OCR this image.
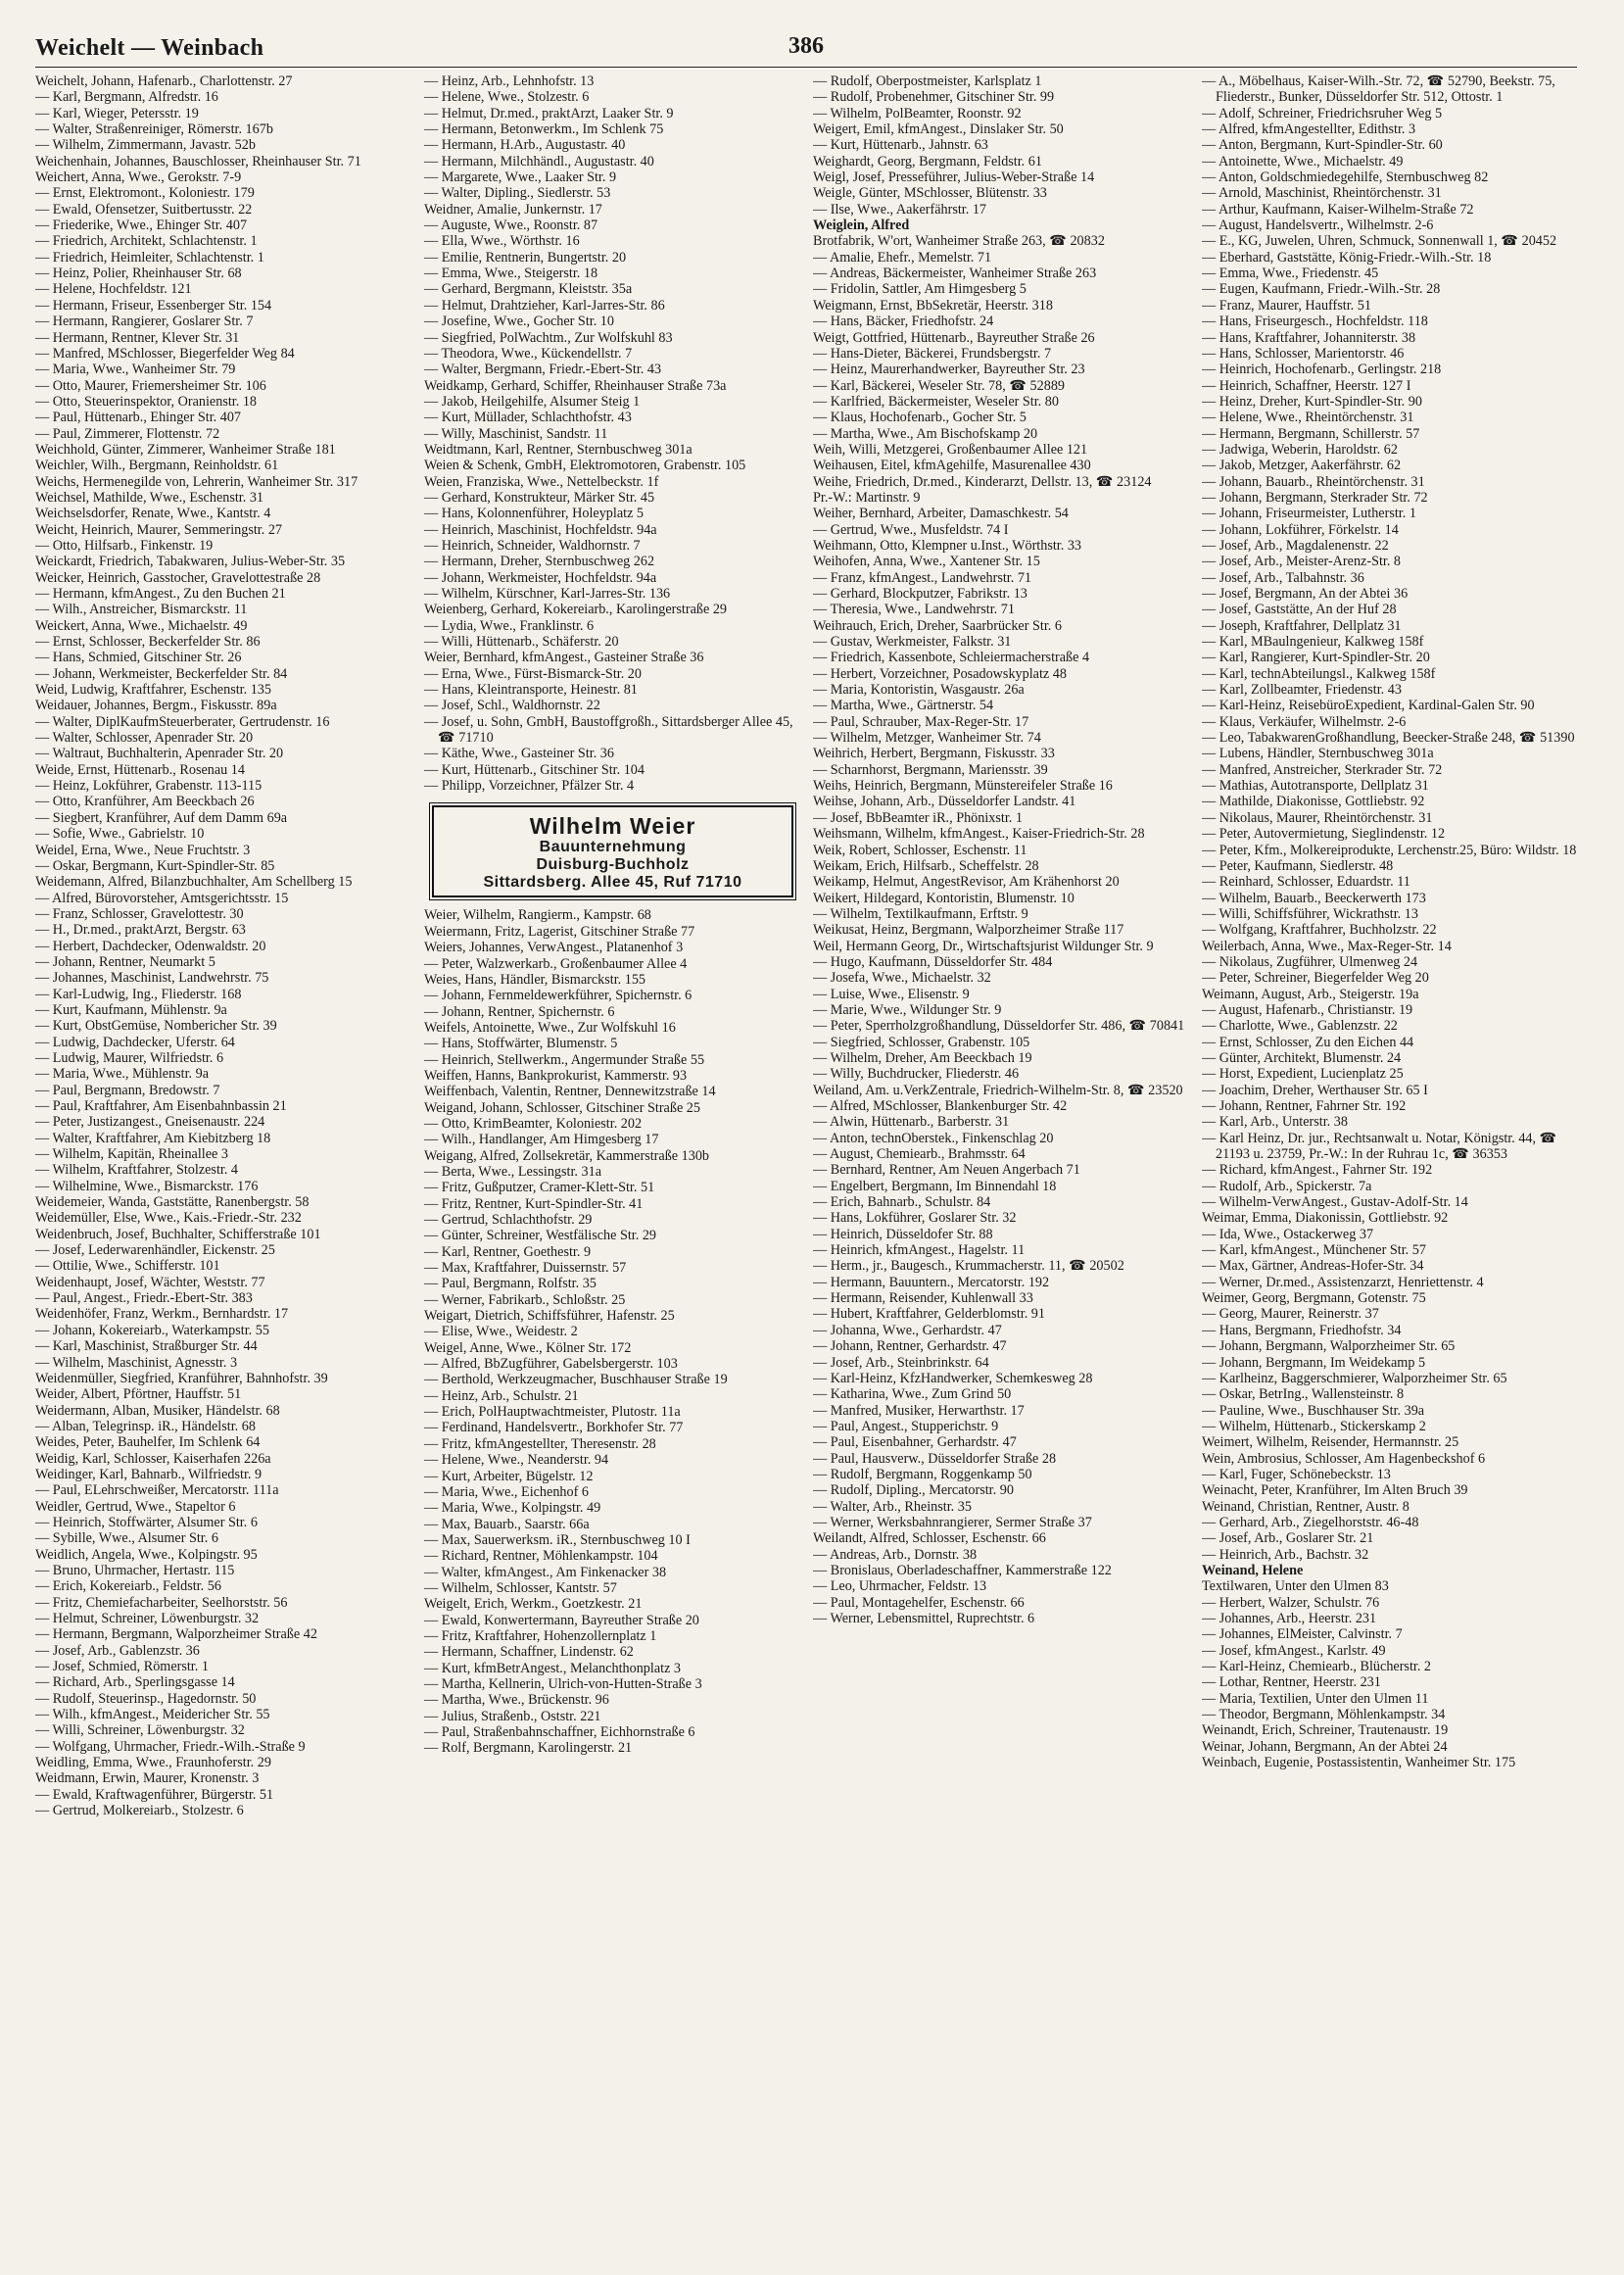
Weichelt — Weinbach	386
Weichelt, Johann, Hafenarb., Charlottenstr. 27
— Karl, Bergmann, Alfredstr. 16
— Karl, Wieger, Petersstr. 19
— Walter, Straßenreiniger, Römerstr. 167b
— Wilhelm, Zimmermann, Javastr. 52b
Weichenhain, Johannes, Bauschlosser, Rheinhauser Str. 71
Weichert, Anna, Wwe., Gerokstr. 7-9
— Ernst, Elektromont., Koloniestr. 179
— Ewald, Ofensetzer, Suitbertusstr. 22
— Friederike, Wwe., Ehinger Str. 407
— Friedrich, Architekt, Schlachtenstr. 1
— Friedrich, Heimleiter, Schlachtenstr. 1
— Heinz, Polier, Rheinhauser Str. 68
— Helene, Hochfeldstr. 121
— Hermann, Friseur, Essenberger Str. 154
— Hermann, Rangierer, Goslarer Str. 7
— Hermann, Rentner, Klever Str. 31
— Manfred, MSchlosser, Biegerfelder Weg 84
— Maria, Wwe., Wanheimer Str. 79
— Otto, Maurer, Friemersheimer Str. 106
— Otto, Steuerinspektor, Oranienstr. 18
— Paul, Hüttenarb., Ehinger Str. 407
— Paul, Zimmerer, Flottenstr. 72
Weichhold, Günter, Zimmerer, Wanheimer Straße 181
Weichler, Wilh., Bergmann, Reinholdstr. 61
Weichs, Hermenegilde von, Lehrerin, Wanheimer Str. 317
Weichsel, Mathilde, Wwe., Eschenstr. 31
Weichselsdorfer, Renate, Wwe., Kantstr. 4
Weicht, Heinrich, Maurer, Semmeringstr. 27
— Otto, Hilfsarb., Finkenstr. 19
Weickardt, Friedrich, Tabakwaren, Julius-Weber-Str. 35
Weicker, Heinrich, Gasstocher, Gravelottestraße 28
— Hermann, kfmAngest., Zu den Buchen 21
— Wilh., Anstreicher, Bismarckstr. 11
Weickert, Anna, Wwe., Michaelstr. 49
— Ernst, Schlosser, Beckerfelder Str. 86
— Hans, Schmied, Gitschiner Str. 26
— Johann, Werkmeister, Beckerfelder Str. 84
Weid, Ludwig, Kraftfahrer, Eschenstr. 135
Weidauer, Johannes, Bergm., Fiskusstr. 89a
— Walter, DiplKaufmSteuerberater, Gertrudenstr. 16
— Walter, Schlosser, Apenrader Str. 20
— Waltraut, Buchhalterin, Apenrader Str. 20
Weide, Ernst, Hüttenarb., Rosenau 14
— Heinz, Lokführer, Grabenstr. 113-115
— Otto, Kranführer, Am Beeckbach 26
— Siegbert, Kranführer, Auf dem Damm 69a
— Sofie, Wwe., Gabrielstr. 10
Weidel, Erna, Wwe., Neue Fruchtstr. 3
— Oskar, Bergmann, Kurt-Spindler-Str. 85
Weidemann, Alfred, Bilanzbuchhalter, Am Schellberg 15
— Alfred, Bürovorsteher, Amtsgerichtsstr. 15
— Franz, Schlosser, Gravelottestr. 30
— H., Dr.med., praktArzt, Bergstr. 63
— Herbert, Dachdecker, Odenwaldstr. 20
— Johann, Rentner, Neumarkt 5
— Johannes, Maschinist, Landwehrstr. 75
— Karl-Ludwig, Ing., Fliederstr. 168
— Kurt, Kaufmann, Mühlenstr. 9a
— Kurt, ObstGemüse, Nombericher Str. 39
— Ludwig, Dachdecker, Uferstr. 64
— Ludwig, Maurer, Wilfriedstr. 6
— Maria, Wwe., Mühlenstr. 9a
— Paul, Bergmann, Bredowstr. 7
— Paul, Kraftfahrer, Am Eisenbahnbassin 21
— Peter, Justizangest., Gneisenaustr. 224
— Walter, Kraftfahrer, Am Kiebitzberg 18
— Wilhelm, Kapitän, Rheinallee 3
— Wilhelm, Kraftfahrer, Stolzestr. 4
— Wilhelmine, Wwe., Bismarckstr. 176
Weidemeier, Wanda, Gaststätte, Ranenbergstr. 58
Weidemüller, Else, Wwe., Kais.-Friedr.-Str. 232
Weidenbruch, Josef, Buchhalter, Schifferstraße 101
— Josef, Lederwarenhändler, Eickenstr. 25
— Ottilie, Wwe., Schifferstr. 101
Weidenhaupt, Josef, Wächter, Weststr. 77
— Paul, Angest., Friedr.-Ebert-Str. 383
Weidenhöfer, Franz, Werkm., Bernhardstr. 17
— Johann, Kokereiarb., Waterkampstr. 55
— Karl, Maschinist, Straßburger Str. 44
— Wilhelm, Maschinist, Agnesstr. 3
Weidenmüller, Siegfried, Kranführer, Bahnhofstr. 39
Weider, Albert, Pförtner, Hauffstr. 51
Weidermann, Alban, Musiker, Händelstr. 68
— Alban, Telegrinsp. iR., Händelstr. 68
Weides, Peter, Bauhelfer, Im Schlenk 64
Weidig, Karl, Schlosser, Kaiserhafen 226a
Weidinger, Karl, Bahnarb., Wilfriedstr. 9
— Paul, ELehrschweißer, Mercatorstr. 111a
Weidler, Gertrud, Wwe., Stapeltor 6
— Heinrich, Stoffwärter, Alsumer Str. 6
— Sybille, Wwe., Alsumer Str. 6
Weidlich, Angela, Wwe., Kolpingstr. 95
— Bruno, Uhrmacher, Hertastr. 115
— Erich, Kokereiarb., Feldstr. 56
— Fritz, Chemiefacharbeiter, Seelhorststr. 56
— Helmut, Schreiner, Löwenburgstr. 32
— Hermann, Bergmann, Walporzheimer Straße 42
— Josef, Arb., Gablenzstr. 36
— Josef, Schmied, Römerstr. 1
— Richard, Arb., Sperlingsgasse 14
— Rudolf, Steuerinsp., Hagedornstr. 50
— Wilh., kfmAngest., Meidericher Str. 55
— Willi, Schreiner, Löwenburgstr. 32
— Wolfgang, Uhrmacher, Friedr.-Wilh.-Straße 9
Weidling, Emma, Wwe., Fraunhoferstr. 29
Weidmann, Erwin, Maurer, Kronenstr. 3
— Ewald, Kraftwagenführer, Bürgerstr. 51
— Gertrud, Molkereiarb., Stolzestr. 6
— Heinz, Arb., Lehnhofstr. 13
— Helene, Wwe., Stolzestr. 6
— Helmut, Dr.med., praktArzt, Laaker Str. 9
— Hermann, Betonwerkm., Im Schlenk 75
— Hermann, H.Arb., Augustastr. 40
— Hermann, Milchhändl., Augustastr. 40
— Margarete, Wwe., Laaker Str. 9
— Walter, Dipling., Siedlerstr. 53
Weidner, Amalie, Junkernstr. 17
— Auguste, Wwe., Roonstr. 87
— Ella, Wwe., Wörthstr. 16
— Emilie, Rentnerin, Bungertstr. 20
— Emma, Wwe., Steigerstr. 18
— Gerhard, Bergmann, Kleiststr. 35a
— Helmut, Drahtzieher, Karl-Jarres-Str. 86
— Josefine, Wwe., Gocher Str. 10
— Siegfried, PolWachtm., Zur Wolfskuhl 83
— Theodora, Wwe., Kückendellstr. 7
— Walter, Bergmann, Friedr.-Ebert-Str. 43
Weidkamp, Gerhard, Schiffer, Rheinhauser Straße 73a
— Jakob, Heilgehilfe, Alsumer Steig 1
— Kurt, Müllader, Schlachthofstr. 43
— Willy, Maschinist, Sandstr. 11
Weidtmann, Karl, Rentner, Sternbuschweg 301a
Weien & Schenk, GmbH, Elektromotoren, Grabenstr. 105
Weien, Franziska, Wwe., Nettelbeckstr. 1f
— Gerhard, Konstrukteur, Märker Str. 45
— Hans, Kolonnenführer, Holeyplatz 5
— Heinrich, Maschinist, Hochfeldstr. 94a
— Heinrich, Schneider, Waldhornstr. 7
— Hermann, Dreher, Sternbuschweg 262
— Johann, Werkmeister, Hochfeldstr. 94a
— Wilhelm, Kürschner, Karl-Jarres-Str. 136
Weienberg, Gerhard, Kokereiarb., Karolingerstraße 29
— Lydia, Wwe., Franklinstr. 6
— Willi, Hüttenarb., Schäferstr. 20
Weier, Bernhard, kfmAngest., Gasteiner Straße 36
— Erna, Wwe., Fürst-Bismarck-Str. 20
— Hans, Kleintransporte, Heinestr. 81
— Josef, Schl., Waldhornstr. 22
— Josef, u. Sohn, GmbH, Baustoffgroßh., Sittardsberger Allee 45, ☎ 71710
— Käthe, Wwe., Gasteiner Str. 36
— Kurt, Hüttenarb., Gitschiner Str. 104
— Philipp, Vorzeichner, Pfälzer Str. 4
Wilhelm Weier
Bauunternehmung
Duisburg-Buchholz
Sittardsberg. Allee 45, Ruf 71710
Weier, Wilhelm, Rangierm., Kampstr. 68
Weiermann, Fritz, Lagerist, Gitschiner Straße 77
Weiers, Johannes, VerwAngest., Platanenhof 3
— Peter, Walzwerkarb., Großenbaumer Allee 4
Weies, Hans, Händler, Bismarckstr. 155
— Johann, Fernmeldewerkführer, Spichernstr. 6
— Johann, Rentner, Spichernstr. 6
Weifels, Antoinette, Wwe., Zur Wolfskuhl 16
— Hans, Stoffwärter, Blumenstr. 5
— Heinrich, Stellwerkm., Angermunder Straße 55
Weiffen, Hanns, Bankprokurist, Kammerstr. 93
Weiffenbach, Valentin, Rentner, Dennewitzstraße 14
Weigand, Johann, Schlosser, Gitschiner Straße 25
— Otto, KrimBeamter, Koloniestr. 202
— Wilh., Handlanger, Am Himgesberg 17
Weigang, Alfred, Zollsekretär, Kammerstraße 130b
— Berta, Wwe., Lessingstr. 31a
— Fritz, Gußputzer, Cramer-Klett-Str. 51
— Fritz, Rentner, Kurt-Spindler-Str. 41
— Gertrud, Schlachthofstr. 29
— Günter, Schreiner, Westfälische Str. 29
— Karl, Rentner, Goethestr. 9
— Max, Kraftfahrer, Duissernstr. 57
— Paul, Bergmann, Rolfstr. 35
— Werner, Fabrikarb., Schloßstr. 25
Weigart, Dietrich, Schiffsführer, Hafenstr. 25
— Elise, Wwe., Weidestr. 2
Weigel, Anne, Wwe., Kölner Str. 172
— Alfred, BbZugführer, Gabelsbergerstr. 103
— Berthold, Werkzeugmacher, Buschhauser Straße 19
— Heinz, Arb., Schulstr. 21
— Erich, PolHauptwachtmeister, Plutostr. 11a
— Ferdinand, Handelsvertr., Borkhofer Str. 77
— Fritz, kfmAngestellter, Theresenstr. 28
— Helene, Wwe., Neanderstr. 94
— Kurt, Arbeiter, Bügelstr. 12
— Maria, Wwe., Eichenhof 6
— Maria, Wwe., Kolpingstr. 49
— Max, Bauarb., Saarstr. 66a
— Max, Sauerwerksm. iR., Sternbuschweg 10 I
— Richard, Rentner, Möhlenkampstr. 104
— Walter, kfmAngest., Am Finkenacker 38
— Wilhelm, Schlosser, Kantstr. 57
Weigelt, Erich, Werkm., Goetzkestr. 21
— Ewald, Konwertermann, Bayreuther Straße 20
— Fritz, Kraftfahrer, Hohenzollernplatz 1
— Hermann, Schaffner, Lindenstr. 62
— Kurt, kfmBetrAngest., Melanchthonplatz 3
— Martha, Kellnerin, Ulrich-von-Hutten-Straße 3
— Martha, Wwe., Brückenstr. 96
— Julius, Straßenb., Oststr. 221
— Paul, Straßenbahnschaffner, Eichhornstraße 6
— Rolf, Bergmann, Karolingerstr. 21
— Rudolf, Oberpostmeister, Karlsplatz 1
— Rudolf, Probenehmer, Gitschiner Str. 99
— Wilhelm, PolBeamter, Roonstr. 92
Weigert, Emil, kfmAngest., Dinslaker Str. 50
— Kurt, Hüttenarb., Jahnstr. 63
Weighardt, Georg, Bergmann, Feldstr. 61
Weigl, Josef, Presseführer, Julius-Weber-Straße 14
Weigle, Günter, MSchlosser, Blütenstr. 33
— Ilse, Wwe., Aakerfährstr. 17
Weiglein, Alfred
Brotfabrik, W'ort, Wanheimer Straße 263, ☎ 20832
— Amalie, Ehefr., Memelstr. 71
— Andreas, Bäckermeister, Wanheimer Straße 263
— Fridolin, Sattler, Am Himgesberg 5
Weigmann, Ernst, BbSekretär, Heerstr. 318
— Hans, Bäcker, Friedhofstr. 24
Weigt, Gottfried, Hüttenarb., Bayreuther Straße 26
— Hans-Dieter, Bäckerei, Frundsbergstr. 7
— Heinz, Maurerhandwerker, Bayreuther Str. 23
— Karl, Bäckerei, Weseler Str. 78, ☎ 52889
— Karlfried, Bäckermeister, Weseler Str. 80
— Klaus, Hochofenarb., Gocher Str. 5
— Martha, Wwe., Am Bischofskamp 20
Weih, Willi, Metzgerei, Großenbaumer Allee 121
Weihausen, Eitel, kfmAgehilfe, Masurenallee 430
Weihe, Friedrich, Dr.med., Kinderarzt, Dellstr. 13, ☎ 23124
Pr.-W.: Martinstr. 9
Weiher, Bernhard, Arbeiter, Damaschkestr. 54
— Gertrud, Wwe., Musfeldstr. 74 I
Weihmann, Otto, Klempner u.Inst., Wörthstr. 33
Weihofen, Anna, Wwe., Xantener Str. 15
— Franz, kfmAngest., Landwehrstr. 71
— Gerhard, Blockputzer, Fabrikstr. 13
— Theresia, Wwe., Landwehrstr. 71
Weihrauch, Erich, Dreher, Saarbrücker Str. 6
— Gustav, Werkmeister, Falkstr. 31
— Friedrich, Kassenbote, Schleiermacherstraße 4
— Herbert, Vorzeichner, Posadowskyplatz 48
— Maria, Kontoristin, Wasgaustr. 26a
— Martha, Wwe., Gärtnerstr. 54
— Paul, Schrauber, Max-Reger-Str. 17
— Wilhelm, Metzger, Wanheimer Str. 74
Weihrich, Herbert, Bergmann, Fiskusstr. 33
— Scharnhorst, Bergmann, Mariensstr. 39
Weihs, Heinrich, Bergmann, Münstereifeler Straße 16
Weihse, Johann, Arb., Düsseldorfer Landstr. 41
— Josef, BbBeamter iR., Phönixstr. 1
Weihsmann, Wilhelm, kfmAngest., Kaiser-Friedrich-Str. 28
Weik, Robert, Schlosser, Eschenstr. 11
Weikam, Erich, Hilfsarb., Scheffelstr. 28
Weikamp, Helmut, AngestRevisor, Am Krähenhorst 20
Weikert, Hildegard, Kontoristin, Blumenstr. 10
— Wilhelm, Textilkaufmann, Erftstr. 9
Weikusat, Heinz, Bergmann, Walporzheimer Straße 117
Weil, Hermann Georg, Dr., Wirtschaftsjurist Wildunger Str. 9
— Hugo, Kaufmann, Düsseldorfer Str. 484
— Josefa, Wwe., Michaelstr. 32
— Luise, Wwe., Elisenstr. 9
— Marie, Wwe., Wildunger Str. 9
— Peter, Sperrholzgroßhandlung, Düsseldorfer Str. 486, ☎ 70841
— Siegfried, Schlosser, Grabenstr. 105
— Wilhelm, Dreher, Am Beeckbach 19
— Willy, Buchdrucker, Fliederstr. 46
Weiland, Am. u.VerkZentrale, Friedrich-Wilhelm-Str. 8, ☎ 23520
— Alfred, MSchlosser, Blankenburger Str. 42
— Alwin, Hüttenarb., Barberstr. 31
— Anton, technOberstek., Finkenschlag 20
— August, Chemiearb., Brahmsstr. 64
— Bernhard, Rentner, Am Neuen Angerbach 71
— Engelbert, Bergmann, Im Binnendahl 18
— Erich, Bahnarb., Schulstr. 84
— Hans, Lokführer, Goslarer Str. 32
— Heinrich, Düsseldofer Str. 88
— Heinrich, kfmAngest., Hagelstr. 11
— Herm., jr., Baugesch., Krummacherstr. 11, ☎ 20502
— Hermann, Bauuntern., Mercatorstr. 192
— Hermann, Reisender, Kuhlenwall 33
— Hubert, Kraftfahrer, Gelderblomstr. 91
— Johanna, Wwe., Gerhardstr. 47
— Johann, Rentner, Gerhardstr. 47
— Josef, Arb., Steinbrinkstr. 64
— Karl-Heinz, KfzHandwerker, Schemkesweg 28
— Katharina, Wwe., Zum Grind 50
— Manfred, Musiker, Herwarthstr. 17
— Paul, Angest., Stupperichstr. 9
— Paul, Eisenbahner, Gerhardstr. 47
— Paul, Hausverw., Düsseldorfer Straße 28
— Rudolf, Bergmann, Roggenkamp 50
— Rudolf, Dipling., Mercatorstr. 90
— Walter, Arb., Rheinstr. 35
— Werner, Werksbahnrangierer, Sermer Straße 37
Weilandt, Alfred, Schlosser, Eschenstr. 66
— Andreas, Arb., Dornstr. 38
— Bronislaus, Oberladeschaffner, Kammerstraße 122
— Leo, Uhrmacher, Feldstr. 13
— Paul, Montagehelfer, Eschenstr. 66
— Werner, Lebensmittel, Ruprechtstr. 6
— A., Möbelhaus, Kaiser-Wilh.-Str. 72, ☎ 52790, Beekstr. 75, Fliederstr., Bunker, Düsseldorfer Str. 512, Ottostr. 1
— Adolf, Schreiner, Friedrichsruher Weg 5
— Alfred, kfmAngestellter, Edithstr. 3
— Anton, Bergmann, Kurt-Spindler-Str. 60
— Antoinette, Wwe., Michaelstr. 49
— Anton, Goldschmiedegehilfe, Sternbuschweg 82
— Arnold, Maschinist, Rheintörchenstr. 31
— Arthur, Kaufmann, Kaiser-Wilhelm-Straße 72
— August, Handelsvertr., Wilhelmstr. 2-6
— E., KG, Juwelen, Uhren, Schmuck, Sonnenwall 1, ☎ 20452
— Eberhard, Gaststätte, König-Friedr.-Wilh.-Str. 18
— Emma, Wwe., Friedenstr. 45
— Eugen, Kaufmann, Friedr.-Wilh.-Str. 28
— Franz, Maurer, Hauffstr. 51
— Hans, Friseurgesch., Hochfeldstr. 118
— Hans, Kraftfahrer, Johanniterstr. 38
— Hans, Schlosser, Marientorstr. 46
— Heinrich, Hochofenarb., Gerlingstr. 218
— Heinrich, Schaffner, Heerstr. 127 I
— Heinz, Dreher, Kurt-Spindler-Str. 90
— Helene, Wwe., Rheintörchenstr. 31
— Hermann, Bergmann, Schillerstr. 57
— Jadwiga, Weberin, Haroldstr. 62
— Jakob, Metzger, Aakerfährstr. 62
— Johann, Bauarb., Rheintörchenstr. 31
— Johann, Bergmann, Sterkrader Str. 72
— Johann, Friseurmeister, Lutherstr. 1
— Johann, Lokführer, Förkelstr. 14
— Josef, Arb., Magdalenenstr. 22
— Josef, Arb., Meister-Arenz-Str. 8
— Josef, Arb., Talbahnstr. 36
— Josef, Bergmann, An der Abtei 36
— Josef, Gaststätte, An der Huf 28
— Joseph, Kraftfahrer, Dellplatz 31
— Karl, MBaulngenieur, Kalkweg 158f
— Karl, Rangierer, Kurt-Spindler-Str. 20
— Karl, technAbteilungsl., Kalkweg 158f
— Karl, Zollbeamter, Friedenstr. 43
— Karl-Heinz, ReisebüroExpedient, Kardinal-Galen Str. 90
— Klaus, Verkäufer, Wilhelmstr. 2-6
— Leo, TabakwarenGroßhandlung, Beecker-Straße 248, ☎ 51390
— Lubens, Händler, Sternbuschweg 301a
— Manfred, Anstreicher, Sterkrader Str. 72
— Mathias, Autotransporte, Dellplatz 31
— Mathilde, Diakonisse, Gottliebstr. 92
— Nikolaus, Maurer, Rheintörchenstr. 31
— Peter, Autovermietung, Sieglindenstr. 12
— Peter, Kfm., Molkereiprodukte, Lerchenstr.25, Büro: Wildstr. 18
— Peter, Kaufmann, Siedlerstr. 48
— Reinhard, Schlosser, Eduardstr. 11
— Wilhelm, Bauarb., Beeckerwerth 173
— Willi, Schiffsführer, Wickrathstr. 13
— Wolfgang, Kraftfahrer, Buchholzstr. 22
Weilerbach, Anna, Wwe., Max-Reger-Str. 14
— Nikolaus, Zugführer, Ulmenweg 24
— Peter, Schreiner, Biegerfelder Weg 20
Weimann, August, Arb., Steigerstr. 19a
— August, Hafenarb., Christianstr. 19
— Charlotte, Wwe., Gablenzstr. 22
— Ernst, Schlosser, Zu den Eichen 44
— Günter, Architekt, Blumenstr. 24
— Horst, Expedient, Lucienplatz 25
— Joachim, Dreher, Werthauser Str. 65 I
— Johann, Rentner, Fahrner Str. 192
— Karl, Arb., Unterstr. 38
— Karl Heinz, Dr. jur., Rechtsanwalt u. Notar, Königstr. 44, ☎ 21193 u. 23759, Pr.-W.: In der Ruhrau 1c, ☎ 36353
— Richard, kfmAngest., Fahrner Str. 192
— Rudolf, Arb., Spickerstr. 7a
— Wilhelm-VerwAngest., Gustav-Adolf-Str. 14
Weimar, Emma, Diakonissin, Gottliebstr. 92
— Ida, Wwe., Ostackerweg 37
— Karl, kfmAngest., Münchener Str. 57
— Max, Gärtner, Andreas-Hofer-Str. 34
— Werner, Dr.med., Assistenzarzt, Henriettenstr. 4
Weimer, Georg, Bergmann, Gotenstr. 75
— Georg, Maurer, Reinerstr. 37
— Hans, Bergmann, Friedhofstr. 34
— Johann, Bergmann, Walporzheimer Str. 65
— Johann, Bergmann, Im Weidekamp 5
— Karlheinz, Baggerschmierer, Walporzheimer Str. 65
— Oskar, BetrIng., Wallensteinstr. 8
— Pauline, Wwe., Buschhauser Str. 39a
— Wilhelm, Hüttenarb., Stickerskamp 2
Weimert, Wilhelm, Reisender, Hermannstr. 25
Wein, Ambrosius, Schlosser, Am Hagenbeckshof 6
— Karl, Fuger, Schönebeckstr. 13
Weinacht, Peter, Kranführer, Im Alten Bruch 39
Weinand, Christian, Rentner, Austr. 8
— Gerhard, Arb., Ziegelhorststr. 46-48
— Josef, Arb., Goslarer Str. 21
— Heinrich, Arb., Bachstr. 32
Weinand, Helene
Textilwaren, Unter den Ulmen 83
— Herbert, Walzer, Schulstr. 76
— Johannes, Arb., Heerstr. 231
— Johannes, ElMeister, Calvinstr. 7
— Josef, kfmAngest., Karlstr. 49
— Karl-Heinz, Chemiearb., Blücherstr. 2
— Lothar, Rentner, Heerstr. 231
— Maria, Textilien, Unter den Ulmen 11
— Theodor, Bergmann, Möhlenkampstr. 34
Weinandt, Erich, Schreiner, Trautenaustr. 19
Weinar, Johann, Bergmann, An der Abtei 24
Weinbach, Eugenie, Postassistentin, Wanheimer Str. 175
